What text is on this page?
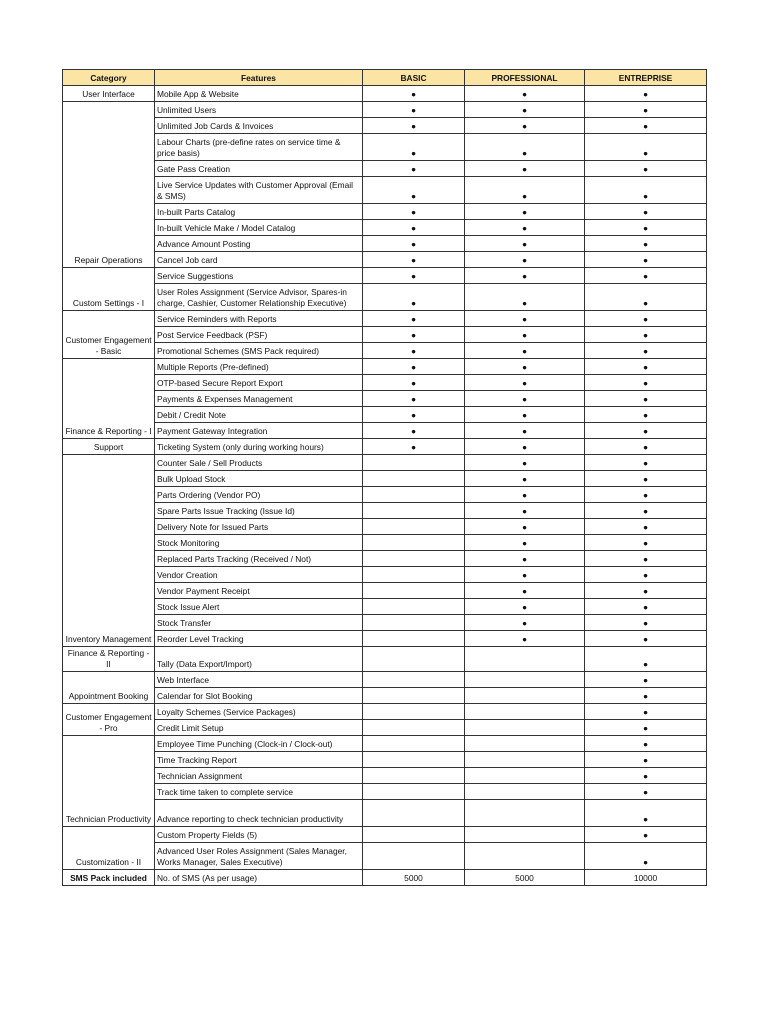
Category	Features	BASIC	PROFESSIONAL	ENTREPRISE
User Interface	Mobile App & Website	●	●	●
Repair Operations	Unlimited Users	●	●	●
	Unlimited Job Cards & Invoices	●	●	●
	Labour Charts (pre-define rates on service time & price basis)	●	●	●
	Gate Pass Creation	●	●	●
	Live Service Updates with Customer Approval (Email & SMS)	●	●	●
	In-built Parts Catalog	●	●	●
	In-built Vehicle Make / Model Catalog	●	●	●
	Advance Amount Posting	●	●	●
	Cancel Job card	●	●	●
Custom Settings - I	Service Suggestions	●	●	●
	User Roles Assignment (Service Advisor, Spares-in charge, Cashier, Customer Relationship Executive)	●	●	●
Customer Engagement - Basic	Service Reminders with Reports	●	●	●
	Post Service Feedback (PSF)	●	●	●
	Promotional Schemes (SMS Pack required)	●	●	●
Finance & Reporting - I	Multiple Reports (Pre-defined)	●	●	●
	OTP-based Secure Report Export	●	●	●
	Payments & Expenses Management	●	●	●
	Debit / Credit Note	●	●	●
	Payment Gateway Integration	●	●	●
Support	Ticketing System (only during working hours)	●	●	●
Inventory Management	Counter Sale / Sell Products		●	●
	Bulk Upload Stock		●	●
	Parts Ordering (Vendor PO)		●	●
	Spare Parts Issue Tracking (Issue Id)		●	●
	Delivery Note for Issued Parts		●	●
	Stock Monitoring		●	●
	Replaced Parts Tracking (Received / Not)		●	●
	Vendor Creation		●	●
	Vendor Payment Receipt		●	●
	Stock Issue Alert		●	●
	Stock Transfer		●	●
	Reorder Level Tracking		●	●
Finance & Reporting - II	Tally (Data Export/Import)			●
Appointment Booking	Web Interface			●
	Calendar for Slot Booking			●
Customer Engagement - Pro	Loyalty Schemes (Service Packages)			●
	Credit Limit Setup			●
Technician Productivity	Employee Time Punching (Clock-in / Clock-out)			●
	Time Tracking Report			●
	Technician Assignment			●
	Track time taken to complete service			●
	Advance reporting to check technician productivity			●
Customization - II	Custom Property Fields (5)			●
	Advanced User Roles Assignment (Sales Manager, Works Manager, Sales Executive)			●
SMS Pack included	No. of SMS (As per usage)	5000	5000	10000
